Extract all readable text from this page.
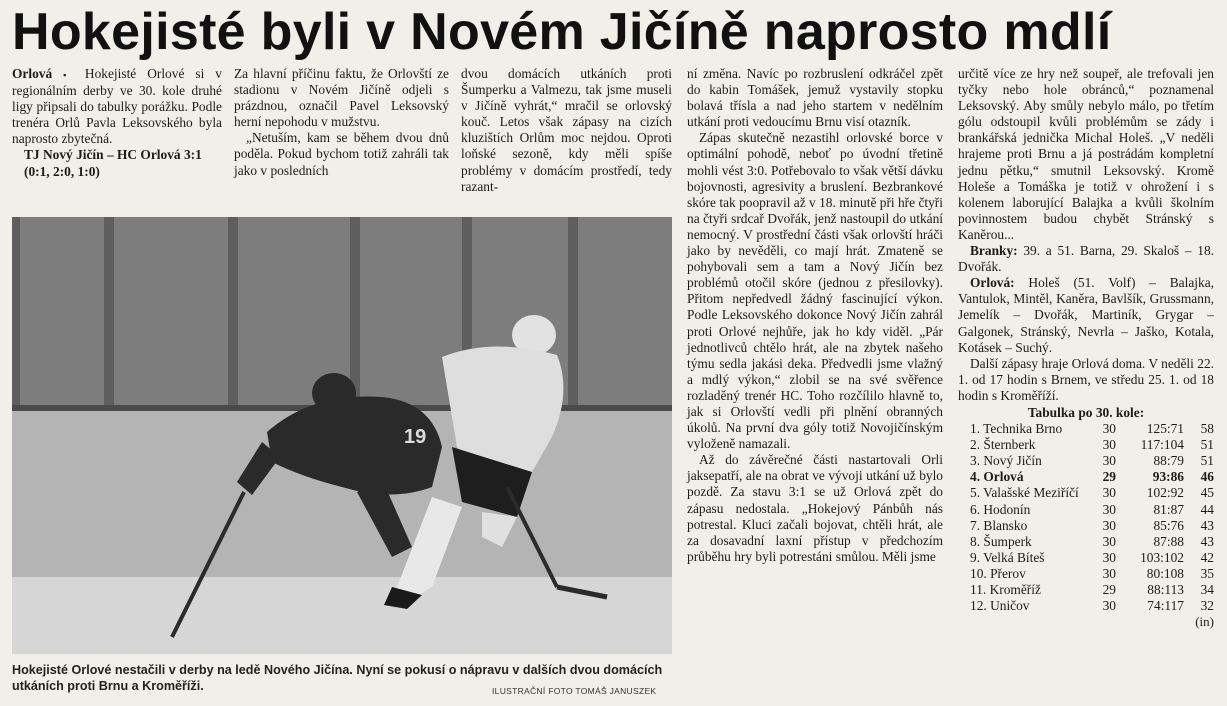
Hokejisté byli v Novém Jičíně naprosto mdlí

Orlová ▪ Hokejisté Orlové si v regionálním derby ve 30. kole druhé ligy připsali do tabulky porážku. Podle trenéra Orlů Pavla Leksovského byla naprosto zbytečná.

TJ Nový Jičín – HC Orlová 3:1

(0:1, 2:0, 1:0)

Za hlavní příčinu faktu, že Orlovští ze stadionu v Novém Jičíně odjeli s prázdnou, označil Pavel Leksovský herní nepohodu v mužstvu.

„Netuším, kam se během dvou dnů poděla. Pokud bychom totiž zahráli tak jako v posledních

dvou domácích utkáních proti Šumperku a Valmezu, tak jsme museli v Jičíně vyhrát,“ mračil se orlovský kouč. Letos však zápasy na cizích kluzištích Orlům moc nejdou. Oproti loňské sezoně, kdy měli spíše problémy v domácím prostředí, tedy razant-

19
Hokejisté Orlové nestačili v derby na ledě Nového Jičína. Nyní se pokusí o nápravu v dalších dvou domácích utkáních proti Brnu a Kroměříži.	ILUSTRAČNÍ FOTO TOMÁŠ JANUSZEK

ní změna. Navíc po rozbruslení odkráčel zpět do kabin Tomášek, jemuž vystavily stopku bolavá tříslа a nad jeho startem v nedělním utkání proti vedoucímu Brnu visí otazník.

Zápas skutečně nezastihl orlovské borce v optimální pohodě, neboť po úvodní třetině mohli vést 3:0. Potřebovalo to však větší dávku bojovnosti, agresivity a bruslení. Bezbrankové skóre tak poopravil až v 18. minutě při hře čtyři na čtyři srdcař Dvořák, jenž nastoupil do utkání nemocný. V prostřední části však orlovští hráči jako by nevěděli, co mají hrát. Zmateně se pohybovali sem a tam a Nový Jičín bez problémů otočil skóre (jednou z přesilovky). Přitom nepředvedl žádný fascinující výkon. Podle Leksovského dokonce Nový Jičín zahrál proti Orlové nejhůře, jak ho kdy viděl. „Pár jednotlivců chtělo hrát, ale na zbytek našeho týmu sedla jakási deka. Předvedli jsme vlažný a mdlý výkon,“ zlobil se na své svěřence rozladěný trenér HC. Toho rozčílilo hlavně to, jak si Orlovští vedli při plnění obranných úkolů. Na první dva góly totiž Novojičínským vyloženě namazali.

Až do závěrečné části nastartovali Orli jaksepatří, ale na obrat ve vývoji utkání už bylo pozdě. Za stavu 3:1 se už Orlová zpět do zápasu nedostala. „Hokejový Pánbůh nás potrestal. Kluci začali bojovat, chtěli hrát, ale za dosavadní laxní přístup v předchozím průběhu hry byli potrestáni smůlou. Měli jsme

určitě více ze hry než soupeř, ale trefovali jen tyčky nebo hole obránců,“ poznamenal Leksovský. Aby smůly nebylo málo, po třetím gólu odstoupil kvůli problémům se zády i brankářská jednička Michal Holeš. „V neděli hrajeme proti Brnu a já postrádám kompletní jednu pětku,“ smutnil Leksovský. Kromě Holeše a Tomáška je totiž v ohrožení i s kolenem laborující Balajka a kvůli školním povinnostem budou chybět Stránský s Kaněrou...

Branky: 39. a 51. Barna, 29. Skaloš – 18. Dvořák.

Orlová: Holeš (51. Volf) – Balajka, Vantulok, Mintěl, Kaněra, Bavlšík, Grussmann, Jemelík – Dvořák, Martiník, Grygar – Galgonek, Stránský, Nevrla – Jaško, Kotala, Kotásek – Suchý.

Další zápasy hraje Orlová doma. V neděli 22. 1. od 17 hodin s Brnem, ve středu 25. 1. od 18 hodin s Kroměříží.

Tabulka po 30. kole:
1. Technika Brno	30	125:71	58
2. Šternberk	30	117:104	51
3. Nový Jičín	30	88:79	51
4. Orlová	29	93:86	46
5. Valašské Meziříčí	30	102:92	45
6. Hodonín	30	81:87	44
7. Blansko	30	85:76	43
8. Šumperk	30	87:88	43
9. Velká Bíteš	30	103:102	42
10. Přerov	30	80:108	35
11. Kroměříž	29	88:113	34
12. Uničov	30	74:117	32
(in)
